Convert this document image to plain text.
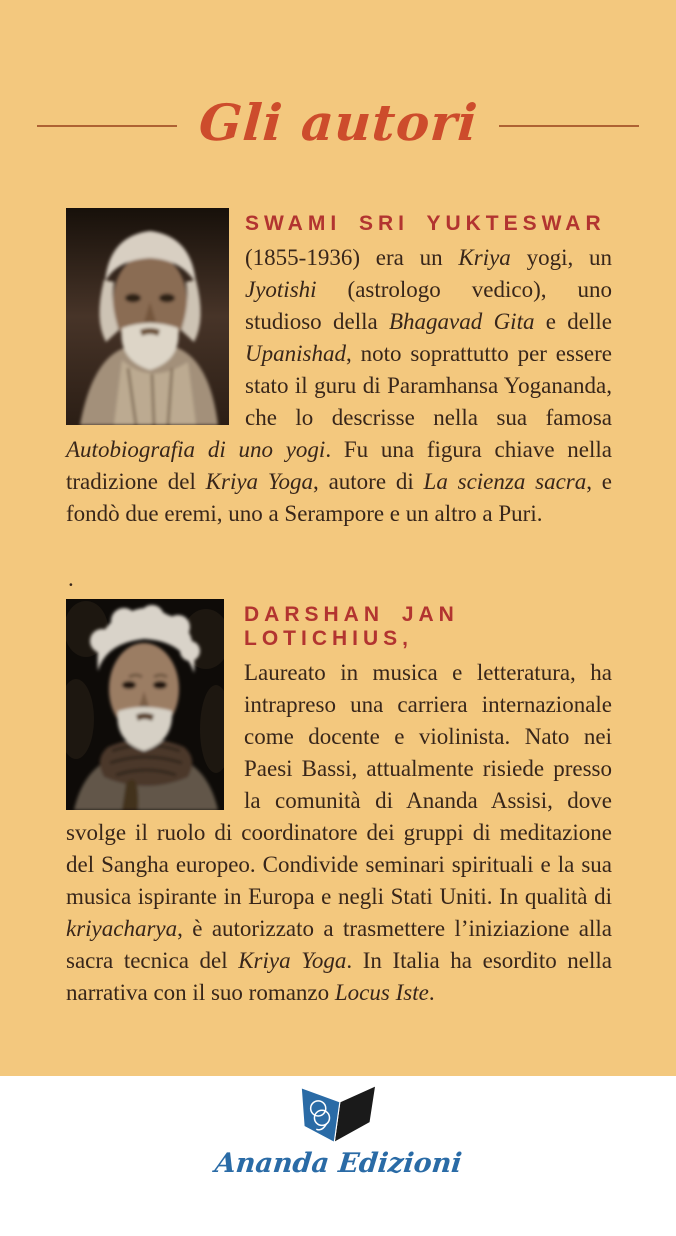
Gli autori
SWAMI SRI YUKTESWAR

(1855-1936) era un Kriya yogi, un Jyotishi (astrologo vedico), uno studioso della Bhagavad Gita e delle Upanishad, noto soprattutto per essere stato il guru di Paramhansa Yogananda, che lo descrisse nella sua famosa Autobiografia di uno yogi. Fu una figura chiave nella tradizione del Kriya Yoga, autore di La scienza sacra, e fondò due eremi, uno a Serampore e un altro a Puri.

.
DARSHAN JAN LOTICHIUS,

Laureato in musica e letteratura, ha intrapreso una carriera internazionale come docente e violinista. Nato nei Paesi Bassi, attualmente risiede presso la comunità di Ananda Assisi, dove svolge il ruolo di coordinatore dei gruppi di meditazione del Sangha europeo. Condivide seminari spirituali e la sua musica ispirante in Europa e negli Stati Uniti. In qualità di kriyacharya, è autorizzato a trasmettere l’iniziazione alla sacra tecnica del Kriya Yoga. In Italia ha esordito nella narrativa con il suo romanzo Locus Iste.

Ananda Edizioni
